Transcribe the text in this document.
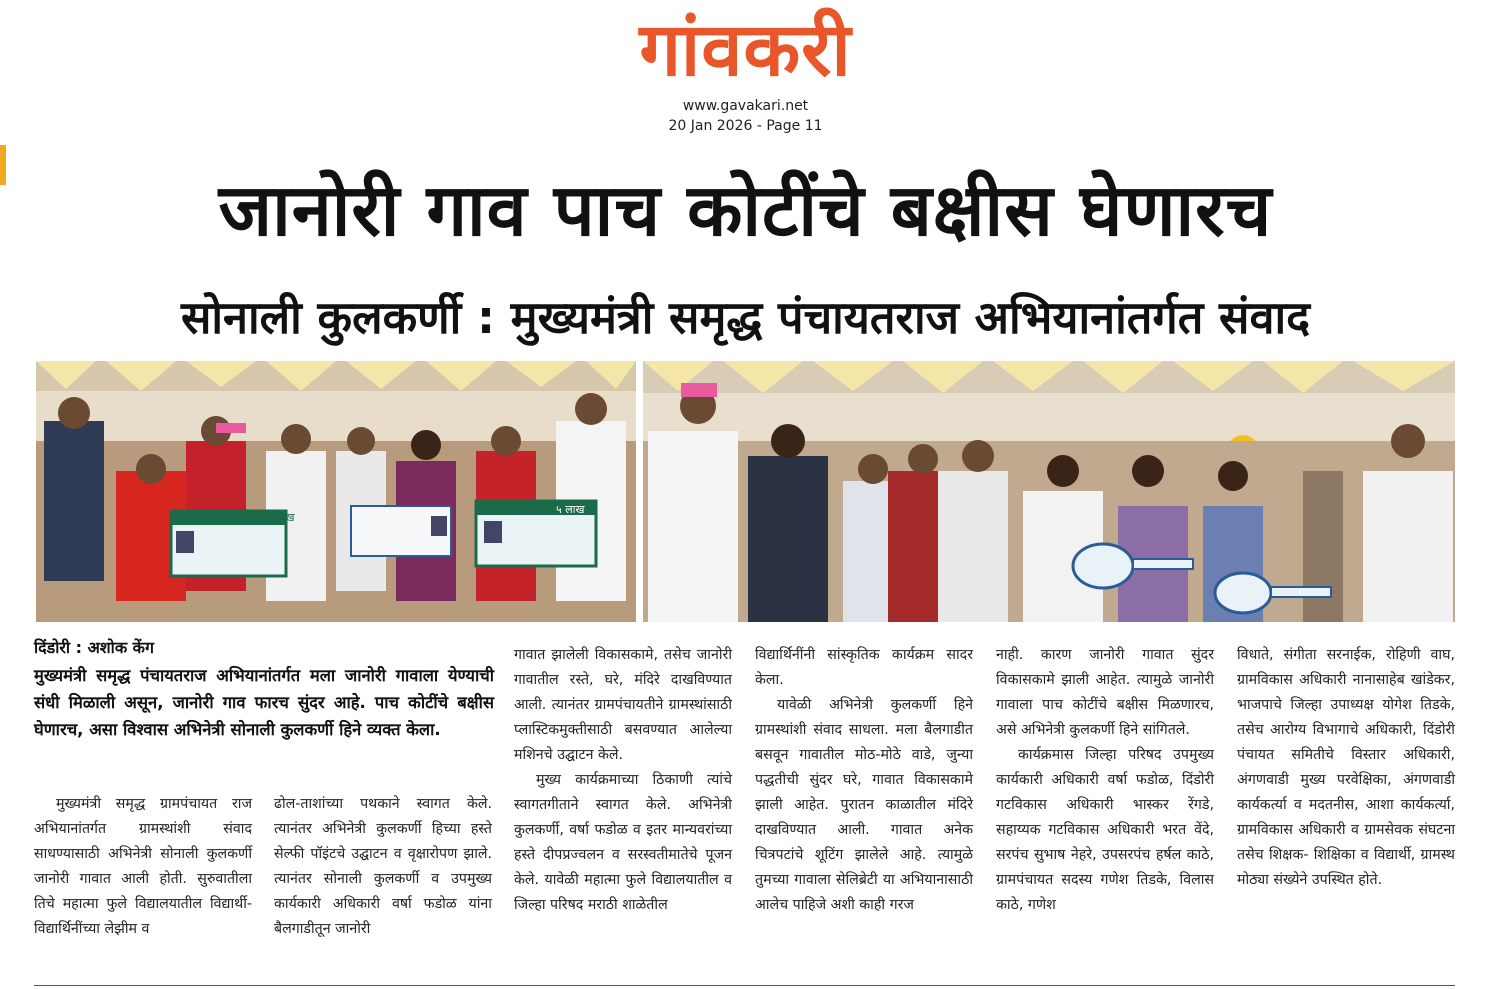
गांवकरी
www.gavakari.net
20 Jan 2026 - Page 11
जानोरी गाव पाच कोटींचे बक्षीस घेणारच
सोनाली कुलकर्णी : मुख्यमंत्री समृद्ध पंचायतराज अभियानांतर्गत संवाद
५ लाख
५ लाख
दिंडोरी : अशोक केंग
मुख्यमंत्री समृद्ध पंचायतराज अभियानांतर्गत मला जानोरी गावाला येण्याची संधी मिळाली असून, जानोरी गाव फारच सुंदर आहे. पाच कोटींचे बक्षीस घेणारच, असा विश्वास अभिनेत्री सोनाली कुलकर्णी हिने व्यक्त केला.

मुख्यमंत्री समृद्ध ग्रामपंचायत राज अभियानांतर्गत ग्रामस्थांशी संवाद साधण्यासाठी अभिनेत्री सोनाली कुलकर्णी जानोरी गावात आली होती. सुरुवातीला तिचे महात्मा फुले विद्यालयातील विद्यार्थी-विद्यार्थिनींच्या लेझीम व

ढोल-ताशांच्या पथकाने स्वागत केले. त्यानंतर अभिनेत्री कुलकर्णी हिच्या हस्ते सेल्फी पॉइंटचे उद्घाटन व वृक्षारोपण झाले. त्यानंतर सोनाली कुलकर्णी व उपमुख्य कार्यकारी अधिकारी वर्षा फडोळ यांना बैलगाडीतून जानोरी

गावात झालेली विकासकामे, तसेच जानोरी गावातील रस्ते, घरे, मंदिरे दाखविण्यात आली. त्यानंतर ग्रामपंचायतीने ग्रामस्थांसाठी प्लास्टिकमुक्तीसाठी बसवण्यात आलेल्या मशिनचे उद्घाटन केले.

मुख्य कार्यक्रमाच्या ठिकाणी त्यांचे स्वागतगीताने स्वागत केले. अभिनेत्री कुलकर्णी, वर्षा फडोळ व इतर मान्यवरांच्या हस्ते दीपप्रज्वलन व सरस्वतीमातेचे पूजन केले. यावेळी महात्मा फुले विद्यालयातील व जिल्हा परिषद मराठी शाळेतील

विद्यार्थिनींनी सांस्कृतिक कार्यक्रम सादर केला.

यावेळी अभिनेत्री कुलकर्णी हिने ग्रामस्थांशी संवाद साधला. मला बैलगाडीत बसवून गावातील मोठ-मोठे वाडे, जुन्या पद्धतीची सुंदर घरे, गावात विकासकामे झाली आहेत. पुरातन काळातील मंदिरे दाखविण्यात आली. गावात अनेक चित्रपटांचे शूटिंग झालेले आहे. त्यामुळे तुमच्या गावाला सेलिब्रेटी या अभियानासाठी आलेच पाहिजे अशी काही गरज

नाही. कारण जानोरी गावात सुंदर विकासकामे झाली आहेत. त्यामुळे जानोरी गावाला पाच कोटींचे बक्षीस मिळणारच, असे अभिनेत्री कुलकर्णी हिने सांगितले.

कार्यक्रमास जिल्हा परिषद उपमुख्य कार्यकारी अधिकारी वर्षा फडोळ, दिंडोरी गटविकास अधिकारी भास्कर रेंगडे, सहाय्यक गटविकास अधिकारी भरत वेंदे, सरपंच सुभाष नेहरे, उपसरपंच हर्षल काठे, ग्रामपंचायत सदस्य गणेश तिडके, विलास काठे, गणेश

विधाते, संगीता सरनाईक, रोहिणी वाघ, ग्रामविकास अधिकारी नानासाहेब खांडेकर, भाजपाचे जिल्हा उपाध्यक्ष योगेश तिडके, तसेच आरोग्य विभागाचे अधिकारी, दिंडोरी पंचायत समितीचे विस्तार अधिकारी, अंगणवाडी मुख्य परवेक्षिका, अंगणवाडी कार्यकर्त्या व मदतनीस, आशा कार्यकर्त्या, ग्रामविकास अधिकारी व ग्रामसेवक संघटना तसेच शिक्षक- शिक्षिका व विद्यार्थी, ग्रामस्थ मोठ्या संख्येने उपस्थित होते.
